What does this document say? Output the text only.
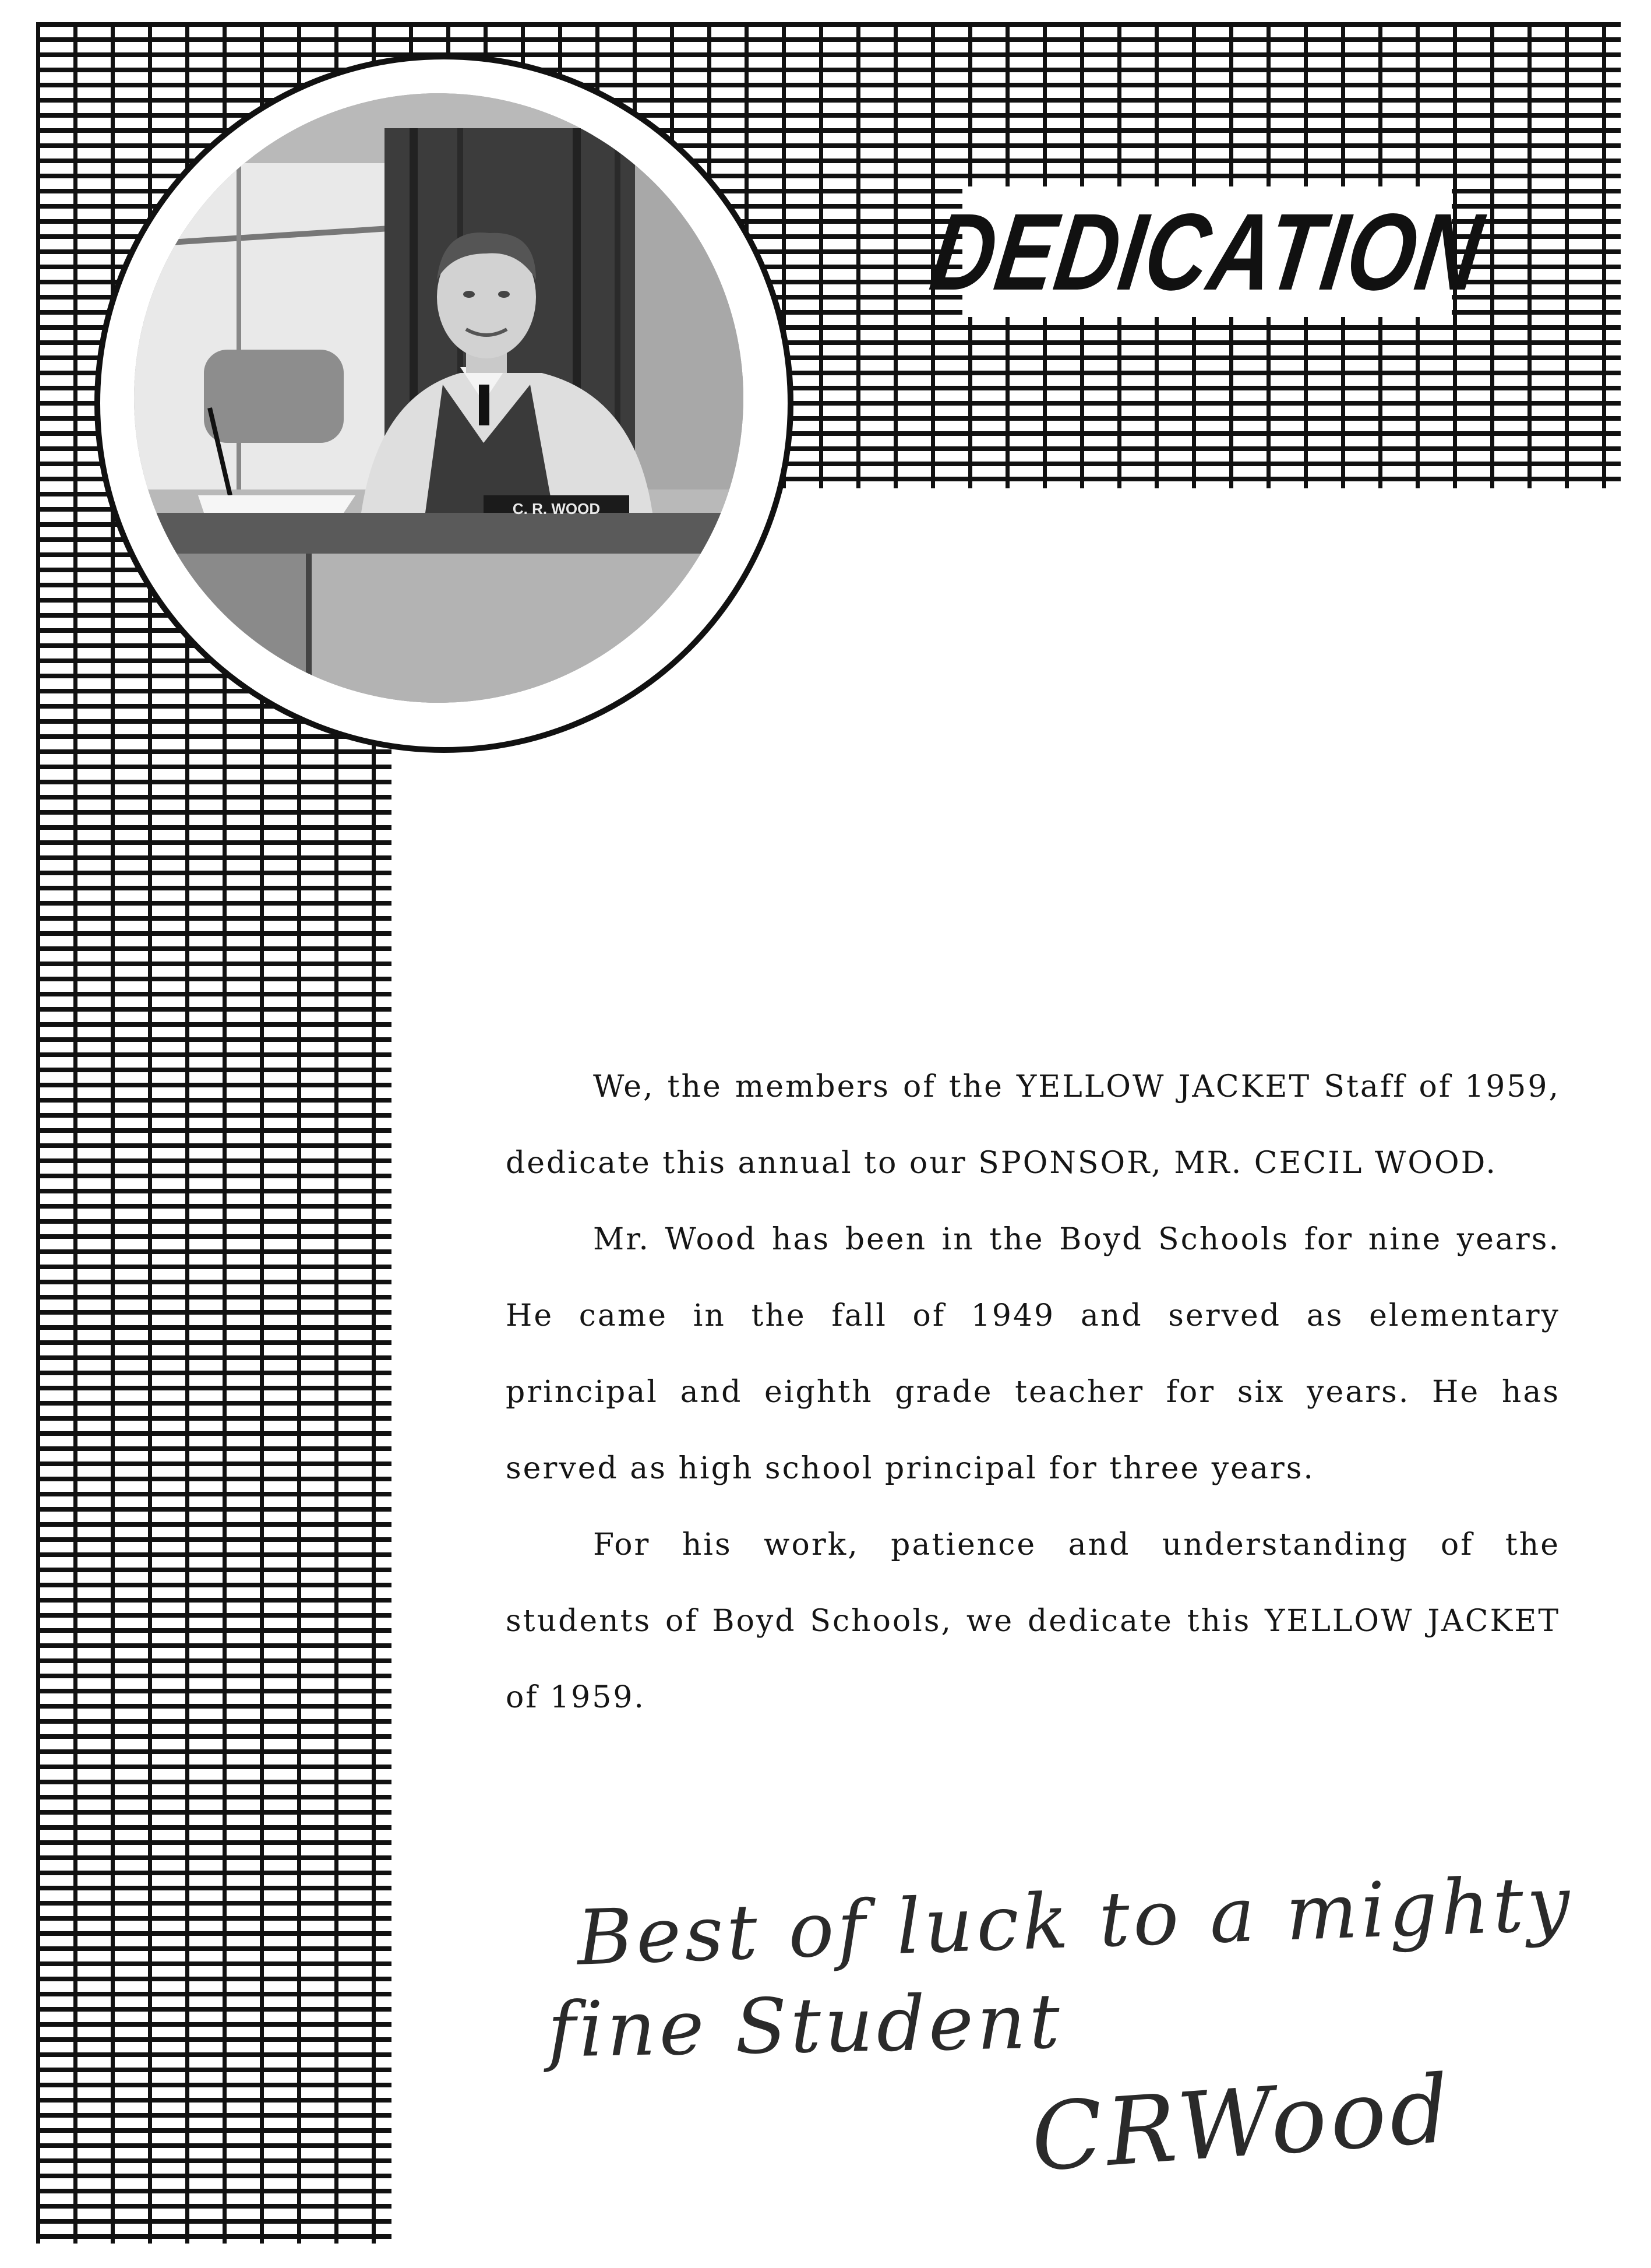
C. R. WOOD
DEDICATION

We, the members of the YELLOW JACKET Staff of 1959, dedicate this annual to our SPONSOR, MR. CECIL WOOD.

Mr. Wood has been in the Boyd Schools for nine years. He came in the fall of 1949 and served as elementary principal and eighth grade teacher for six years. He has served as high school principal for three years.

For his work, patience and understanding of the students of Boyd Schools, we dedicate this YELLOW JACKET of 1959.

Best of luck to a mighty
fine Student
CRWood
